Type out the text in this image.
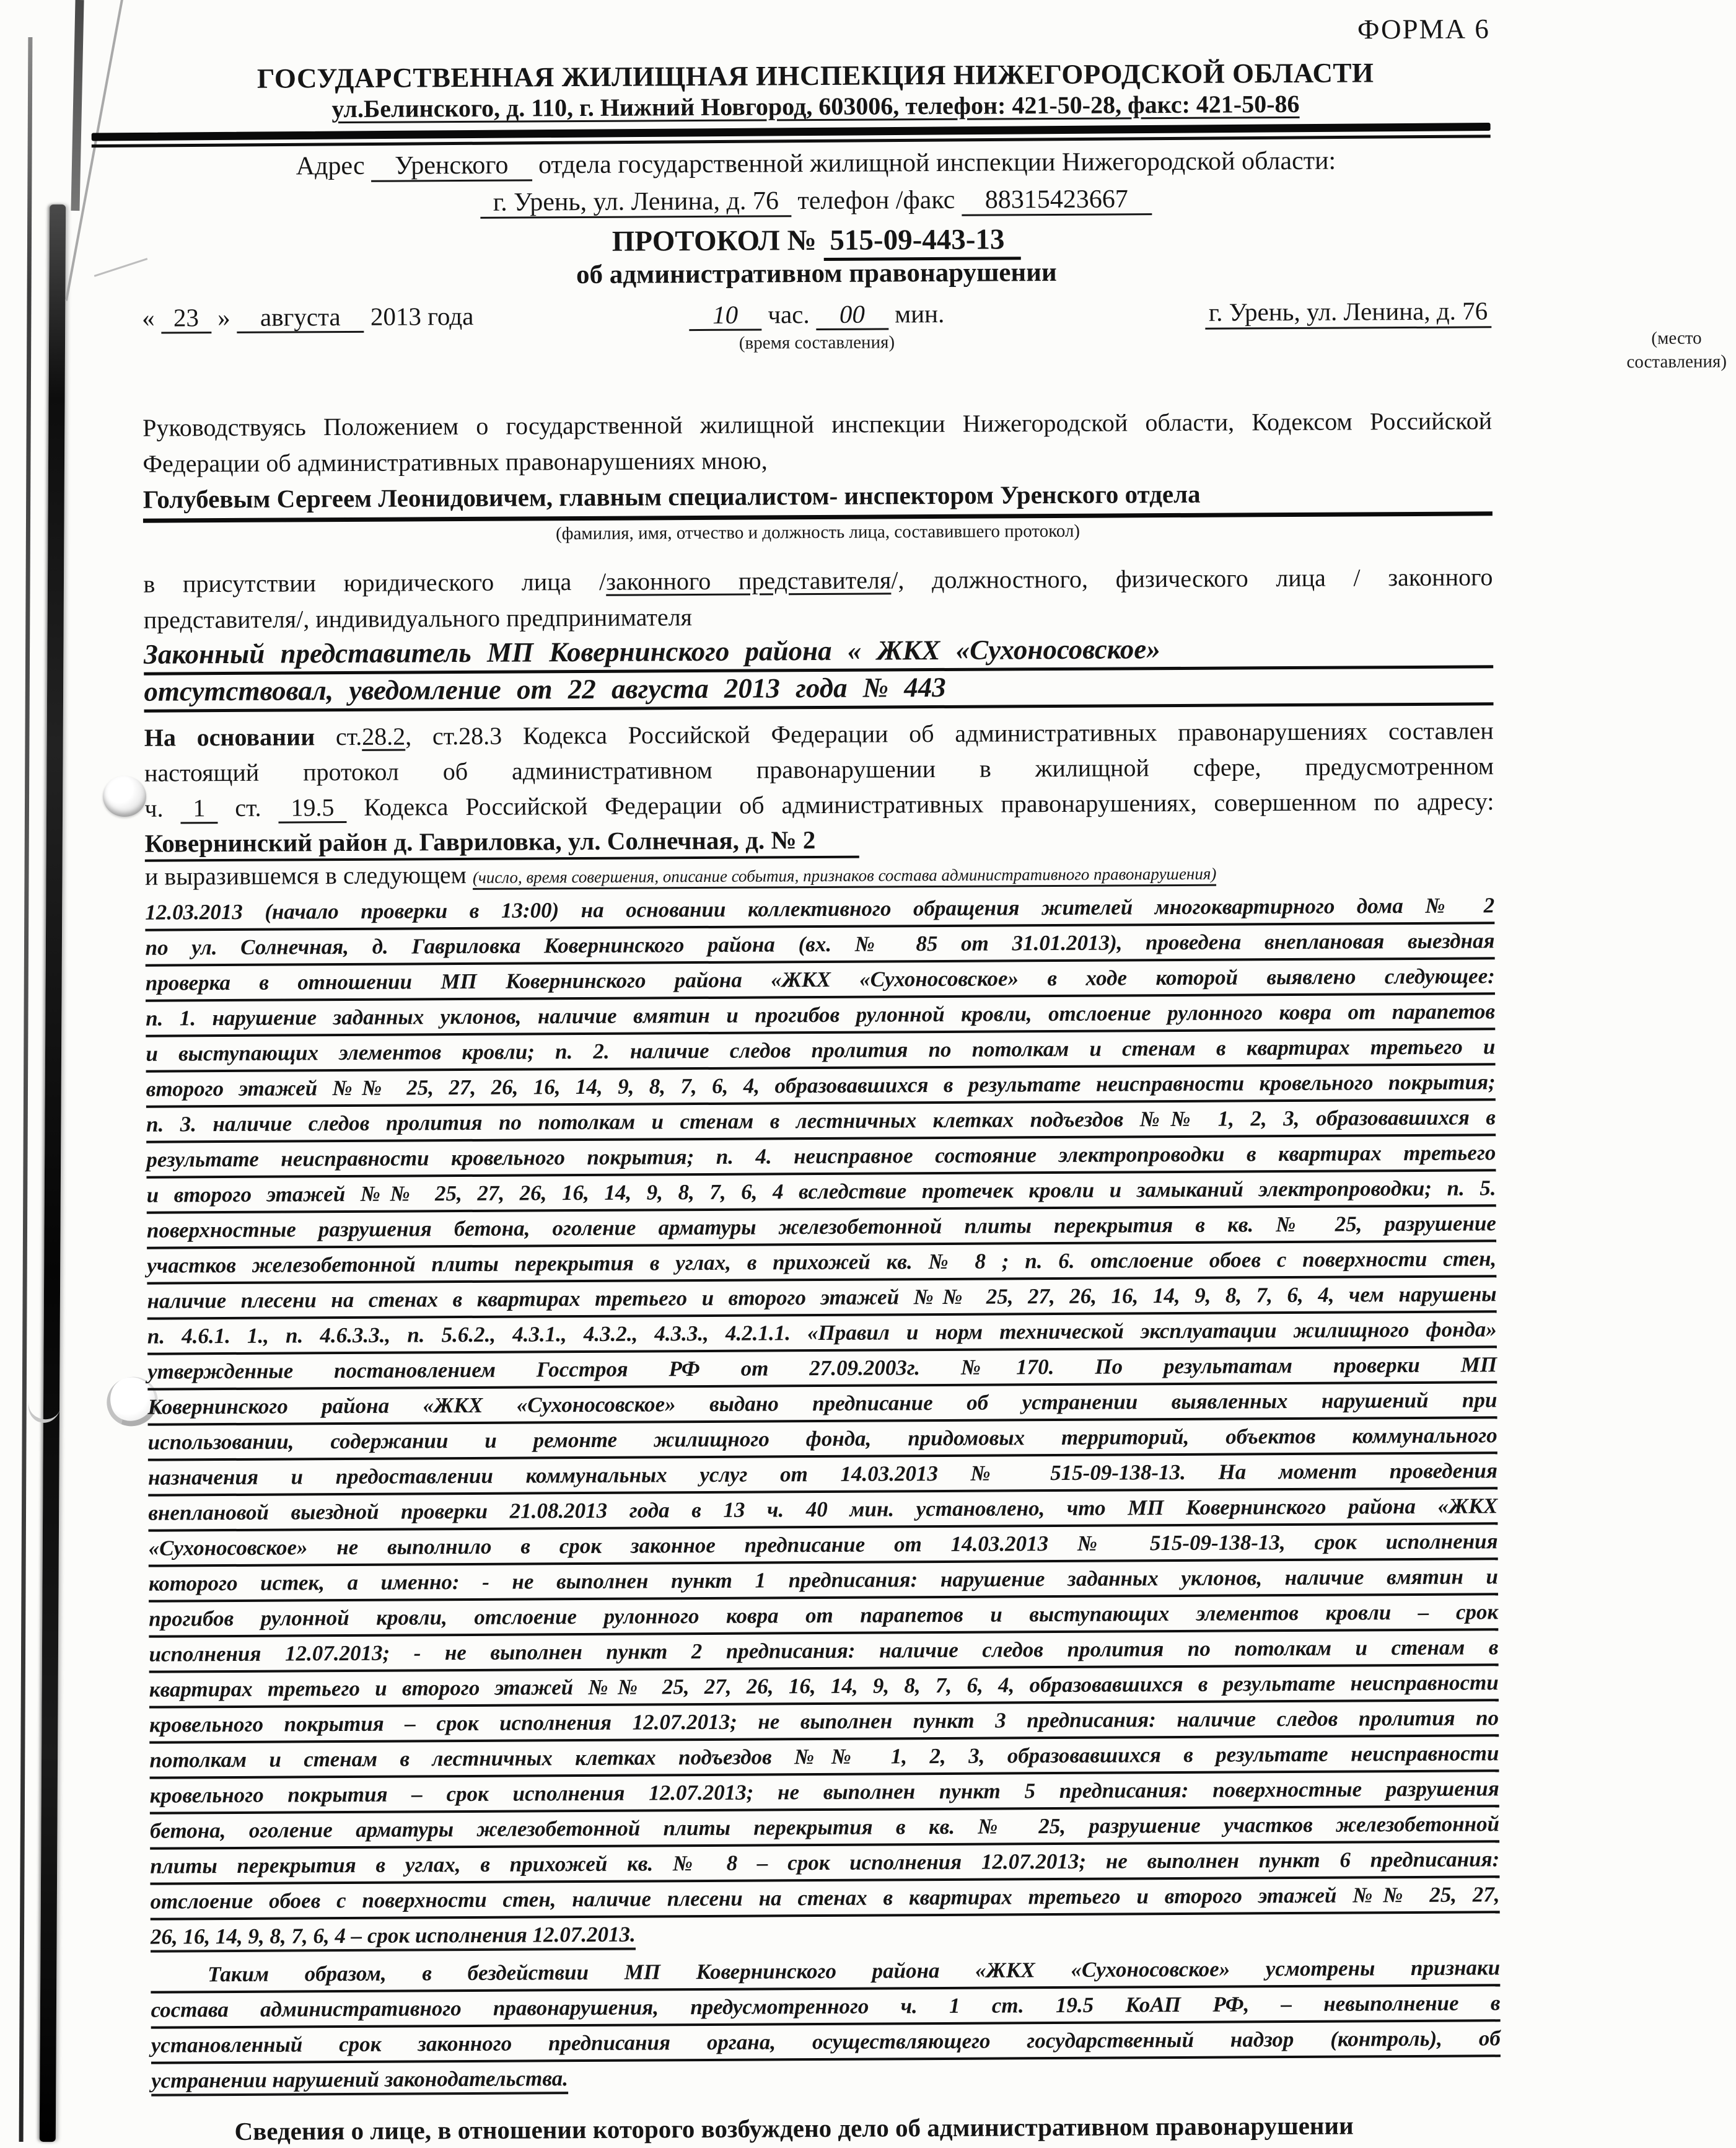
ФОРМА 6
ГОСУДАРСТВЕННАЯ ЖИЛИЩНАЯ ИНСПЕКЦИЯ НИЖЕГОРОДСКОЙ ОБЛАСТИ
ул.Белинского, д. 110, г. Нижний Новгород, 603006, телефон: 421-50-28, факс: 421-50-86
Адрес Уренского отдела государственной жилищной инспекции Нижегородской области:
г. Урень, ул. Ленина, д. 76 телефон /факс 88315423667
ПРОТОКОЛ № 515-09-443-13
об административном правонарушении
« 23 » августа 2013 года	10 час. 00 мин.	г. Урень, ул. Ленина, д. 76
(время составления)	(место составления)
Руководствуясь Положением о государственной жилищной инспекции Нижегородской области, Кодексом Российской
Федерации об административных правонарушениях мною,
Голубевым Сергеем Леонидовичем, главным специалистом- инспектором Уренского отдела
(фамилия, имя, отчество и должность лица, составившего протокол)
в присутствии юридического лица /законного представителя/, должностного, физического лица / законного
представителя/, индивидуального предпринимателя
Законный представитель МП Ковернинского района « ЖКХ «Сухоносовское»
отсутствовал, уведомление от 22 августа 2013 года № 443
На основании ст.28.2, ст.28.3 Кодекса Российской Федерации об административных правонарушениях составлен
настоящий протокол об административном правонарушении в жилищной сфере, предусмотренном
ч. 1 ст. 19.5 Кодекса Российской Федерации об административных правонарушениях, совершенном по адресу:
Ковернинский район д. Гавриловка, ул. Солнечная, д. № 2
и выразившемся в следующем (число, время совершения, описание события, признаков состава административного правонарушения)
12.03.2013 (начало проверки в 13:00) на основании коллективного обращения жителей многоквартирного дома № 2
по ул. Солнечная, д. Гавриловка Ковернинского района (вх. № 85 от 31.01.2013), проведена внеплановая выездная
проверка в отношении МП Ковернинского района «ЖКХ «Сухоносовское» в ходе которой выявлено следующее:
п. 1. нарушение заданных уклонов, наличие вмятин и прогибов рулонной кровли, отслоение рулонного ковра от парапетов
и выступающих элементов кровли; п. 2. наличие следов пролития по потолкам и стенам в квартирах третьего и
второго этажей №№ 25, 27, 26, 16, 14, 9, 8, 7, 6, 4, образовавшихся в результате неисправности кровельного покрытия;
п. 3. наличие следов пролития по потолкам и стенам в лестничных клетках подъездов №№ 1, 2, 3, образовавшихся в
результате неисправности кровельного покрытия; п. 4. неисправное состояние электропроводки в квартирах третьего
и второго этажей №№ 25, 27, 26, 16, 14, 9, 8, 7, 6, 4 вследствие протечек кровли и замыканий электропроводки; п. 5.
поверхностные разрушения бетона, оголение арматуры железобетонной плиты перекрытия в кв. № 25, разрушение
участков железобетонной плиты перекрытия в углах, в прихожей кв. № 8 ; п. 6. отслоение обоев с поверхности стен,
наличие плесени на стенах в квартирах третьего и второго этажей №№ 25, 27, 26, 16, 14, 9, 8, 7, 6, 4, чем нарушены
п. 4.6.1. 1., п. 4.6.3.3., п. 5.6.2., 4.3.1., 4.3.2., 4.3.3., 4.2.1.1. «Правил и норм технической эксплуатации жилищного фонда»
утвержденные постановлением Госстроя РФ от 27.09.2003г. №170. По результатам проверки МП
Ковернинского района «ЖКХ «Сухоносовское» выдано предписание об устранении выявленных нарушений при
использовании, содержании и ремонте жилищного фонда, придомовых территорий, объектов коммунального
назначения и предоставлении коммунальных услуг от 14.03.2013 № 515-09-138-13. На момент проведения
внеплановой выездной проверки 21.08.2013 года в 13 ч. 40 мин. установлено, что МП Ковернинского района «ЖКХ
«Сухоносовское» не выполнило в срок законное предписание от 14.03.2013 № 515-09-138-13, срок исполнения
которого истек, а именно: - не выполнен пункт 1 предписания: нарушение заданных уклонов, наличие вмятин и
прогибов рулонной кровли, отслоение рулонного ковра от парапетов и выступающих элементов кровли – срок
исполнения 12.07.2013; - не выполнен пункт 2 предписания: наличие следов пролития по потолкам и стенам в
квартирах третьего и второго этажей №№ 25, 27, 26, 16, 14, 9, 8, 7, 6, 4, образовавшихся в результате неисправности
кровельного покрытия – срок исполнения 12.07.2013; не выполнен пункт 3 предписания: наличие следов пролития по
потолкам и стенам в лестничных клетках подъездов №№ 1, 2, 3, образовавшихся в результате неисправности
кровельного покрытия – срок исполнения 12.07.2013; не выполнен пункт 5 предписания: поверхностные разрушения
бетона, оголение арматуры железобетонной плиты перекрытия в кв. № 25, разрушение участков железобетонной
плиты перекрытия в углах, в прихожей кв. № 8 – срок исполнения 12.07.2013; не выполнен пункт 6 предписания:
отслоение обоев с поверхности стен, наличие плесени на стенах в квартирах третьего и второго этажей №№ 25, 27,
26, 16, 14, 9, 8, 7, 6, 4 – срок исполнения 12.07.2013.
Таким образом, в бездействии МП Ковернинского района «ЖКХ «Сухоносовское» усмотрены признаки
состава административного правонарушения, предусмотренного ч. 1 ст. 19.5 КоАП РФ, – невыполнение в
установленный срок законного предписания органа, осуществляющего государственный надзор (контроль), об
устранении нарушений законодательства.
Сведения о лице, в отношении которого возбуждено дело об административном правонарушении
